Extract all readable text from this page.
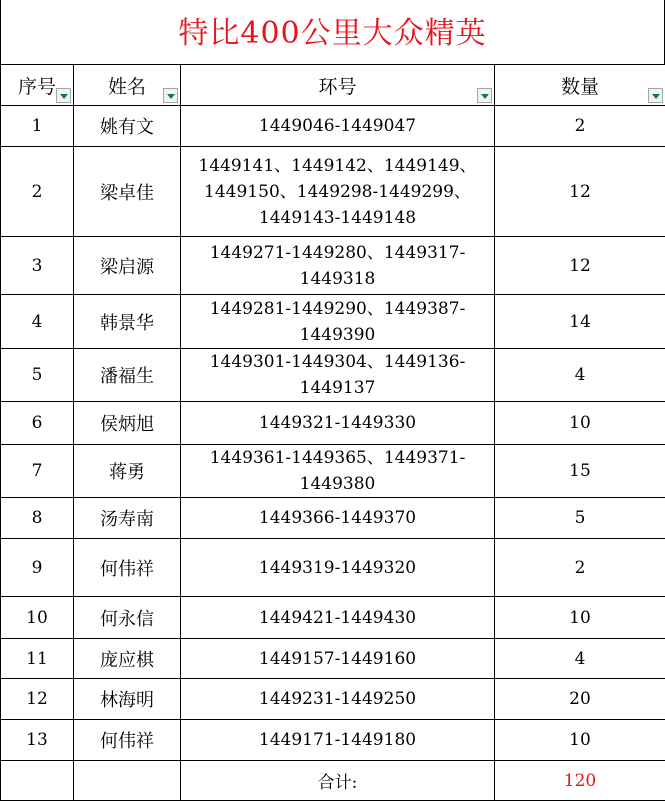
特比400公里大众精英
序号	姓名	环号	数量

1	姚有文	1449046-1449047	2
2	梁卓佳	1449141、1449142、1449149、
1449150、1449298-1449299、
1449143-1449148	12
3	梁启源	1449271-1449280、1449317-
1449318	12
4	韩景华	1449281-1449290、1449387-
1449390	14
5	潘福生	1449301-1449304、1449136-
1449137	4
6	侯炳旭	1449321-1449330	10
7	蒋勇	1449361-1449365、1449371-
1449380	15
8	汤寿南	1449366-1449370	5
9	何伟祥	1449319-1449320	2
10	何永信	1449421-1449430	10
11	庞应棋	1449157-1449160	4
12	林海明	1449231-1449250	20
13	何伟祥	1449171-1449180	10
		合计:	120
